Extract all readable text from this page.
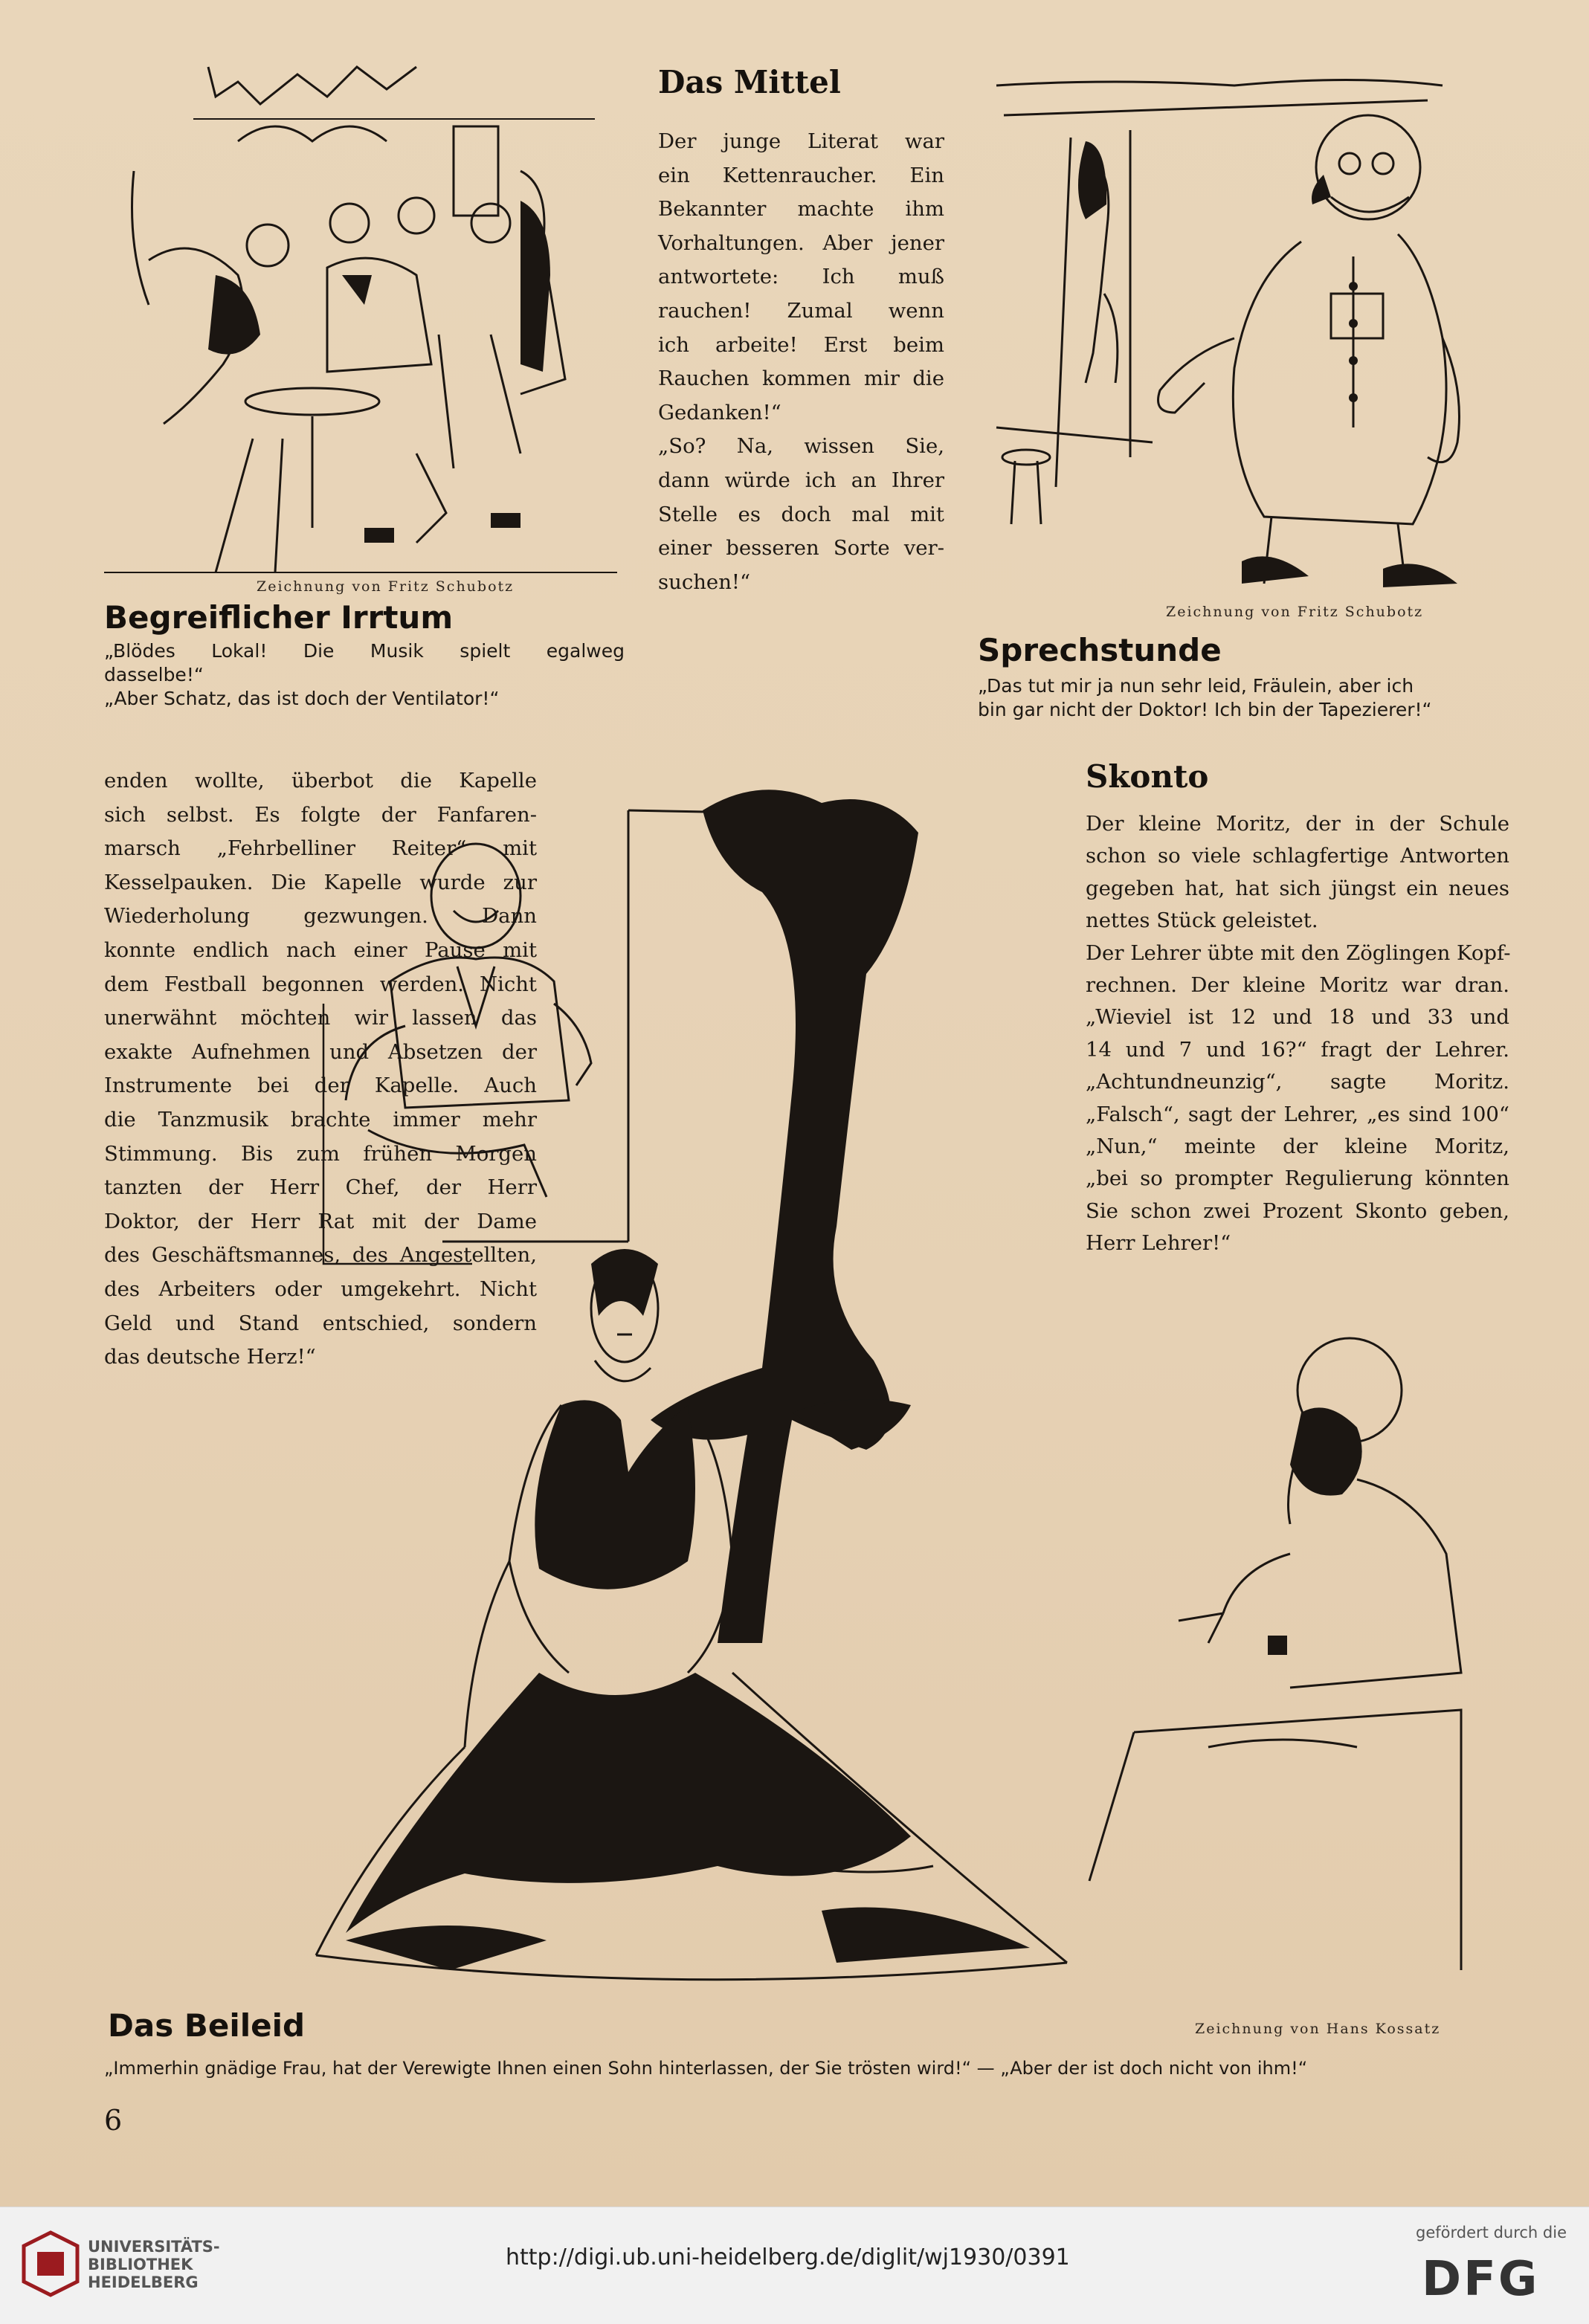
Zeichnung von Fritz Schubotz
Begreiflicher Irrtum
„Blödes Lokal! Die Musik spielt egalweg
dasselbe!“
„Aber Schatz, das ist doch der Ventilator!“
Das Mittel
Der junge Literat war
ein Kettenraucher. Ein
Bekannter machte ihm
Vorhaltungen. Aber jener
antwortete: Ich muß
rauchen! Zumal wenn
ich arbeite! Erst beim
Rauchen kommen mir die
Gedanken!“
„So? Na, wissen Sie,
dann würde ich an Ihrer
Stelle es doch mal mit
einer besseren Sorte ver-
suchen!“
Zeichnung von Fritz Schubotz
Sprechstunde
„Das tut mir ja nun sehr leid, Fräulein, aber ich
bin gar nicht der Doktor! Ich bin der Tapezierer!“
enden wollte, überbot die Kapelle
sich selbst. Es folgte der Fanfaren-
marsch „Fehrbelliner Reiter“ mit
Kesselpauken. Die Kapelle wurde zur
Wiederholung gezwungen. Dann
konnte endlich nach einer Pause mit
dem Festball begonnen werden. Nicht
unerwähnt möchten wir lassen das
exakte Aufnehmen und Absetzen der
Instrumente bei der Kapelle. Auch
die Tanzmusik brachte immer mehr
Stimmung. Bis zum frühen Morgen
tanzten der Herr Chef, der Herr
Doktor, der Herr Rat mit der Dame
des Geschäftsmannes, des Angestellten,
des Arbeiters oder umgekehrt. Nicht
Geld und Stand entschied, sondern
das deutsche Herz!“
Skonto
Der kleine Moritz, der in der Schule
schon so viele schlagfertige Antworten
gegeben hat, hat sich jüngst ein neues
nettes Stück geleistet.
Der Lehrer übte mit den Zöglingen Kopf-
rechnen. Der kleine Moritz war dran.
„Wieviel ist 12 und 18 und 33 und
14 und 7 und 16?“ fragt der Lehrer.
„Achtundneunzig“, sagte Moritz.
„Falsch“, sagt der Lehrer, „es sind 100“
„Nun,“ meinte der kleine Moritz,
„bei so prompter Regulierung könnten
Sie schon zwei Prozent Skonto geben,
Herr Lehrer!“
Zeichnung von Hans Kossatz
Das Beileid
„Immerhin gnädige Frau, hat der Verewigte Ihnen einen Sohn hinterlassen, der Sie trösten wird!“ — „Aber der ist doch nicht von ihm!“
6
UNIVERSITÄTS-
BIBLIOTHEK
HEIDELBERG
http://digi.ub.uni-heidelberg.de/diglit/wj1930/0391
gefördert durch die
DFG
